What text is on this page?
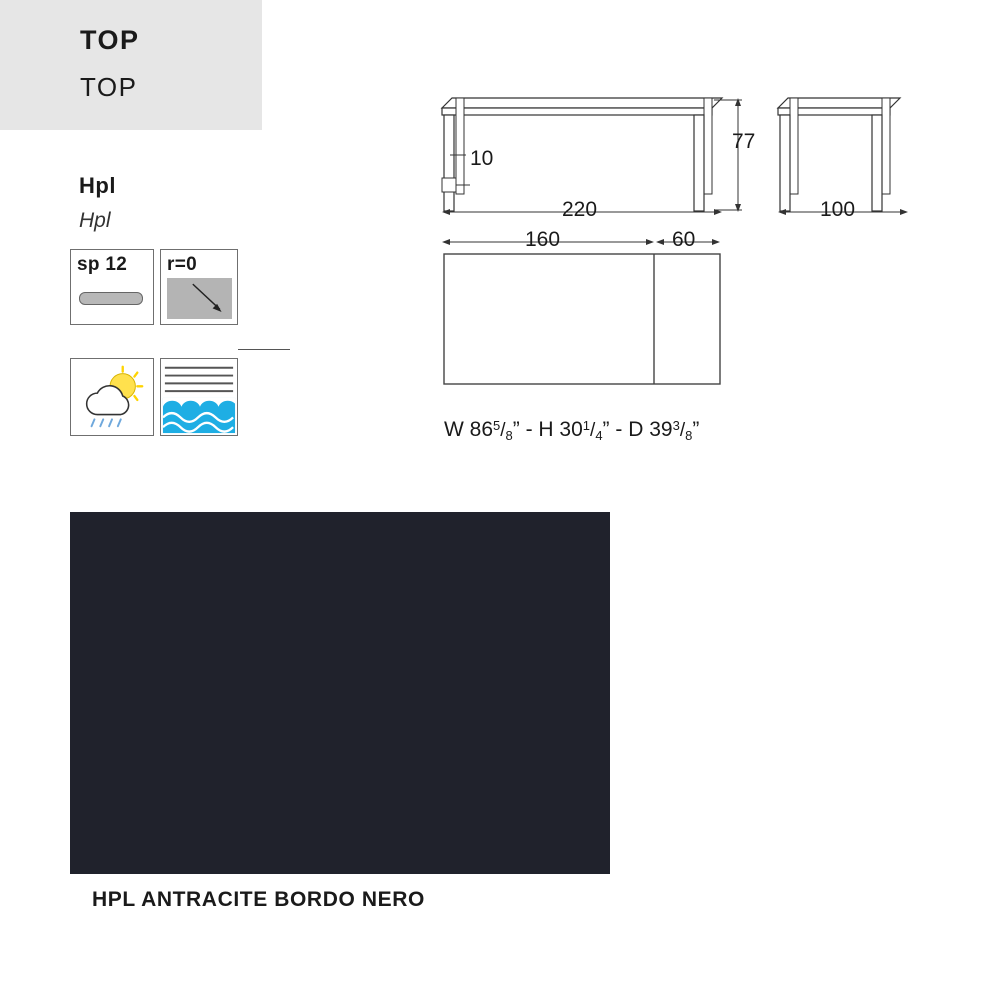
TOP
TOP
Hpl
Hpl
sp 12 r=0
10
220
77
100
160	60
W $86^5/_8$” - H $30^1/_4$” - D $39^3/_8$”
HPL ANTRACITE BORDO NERO
